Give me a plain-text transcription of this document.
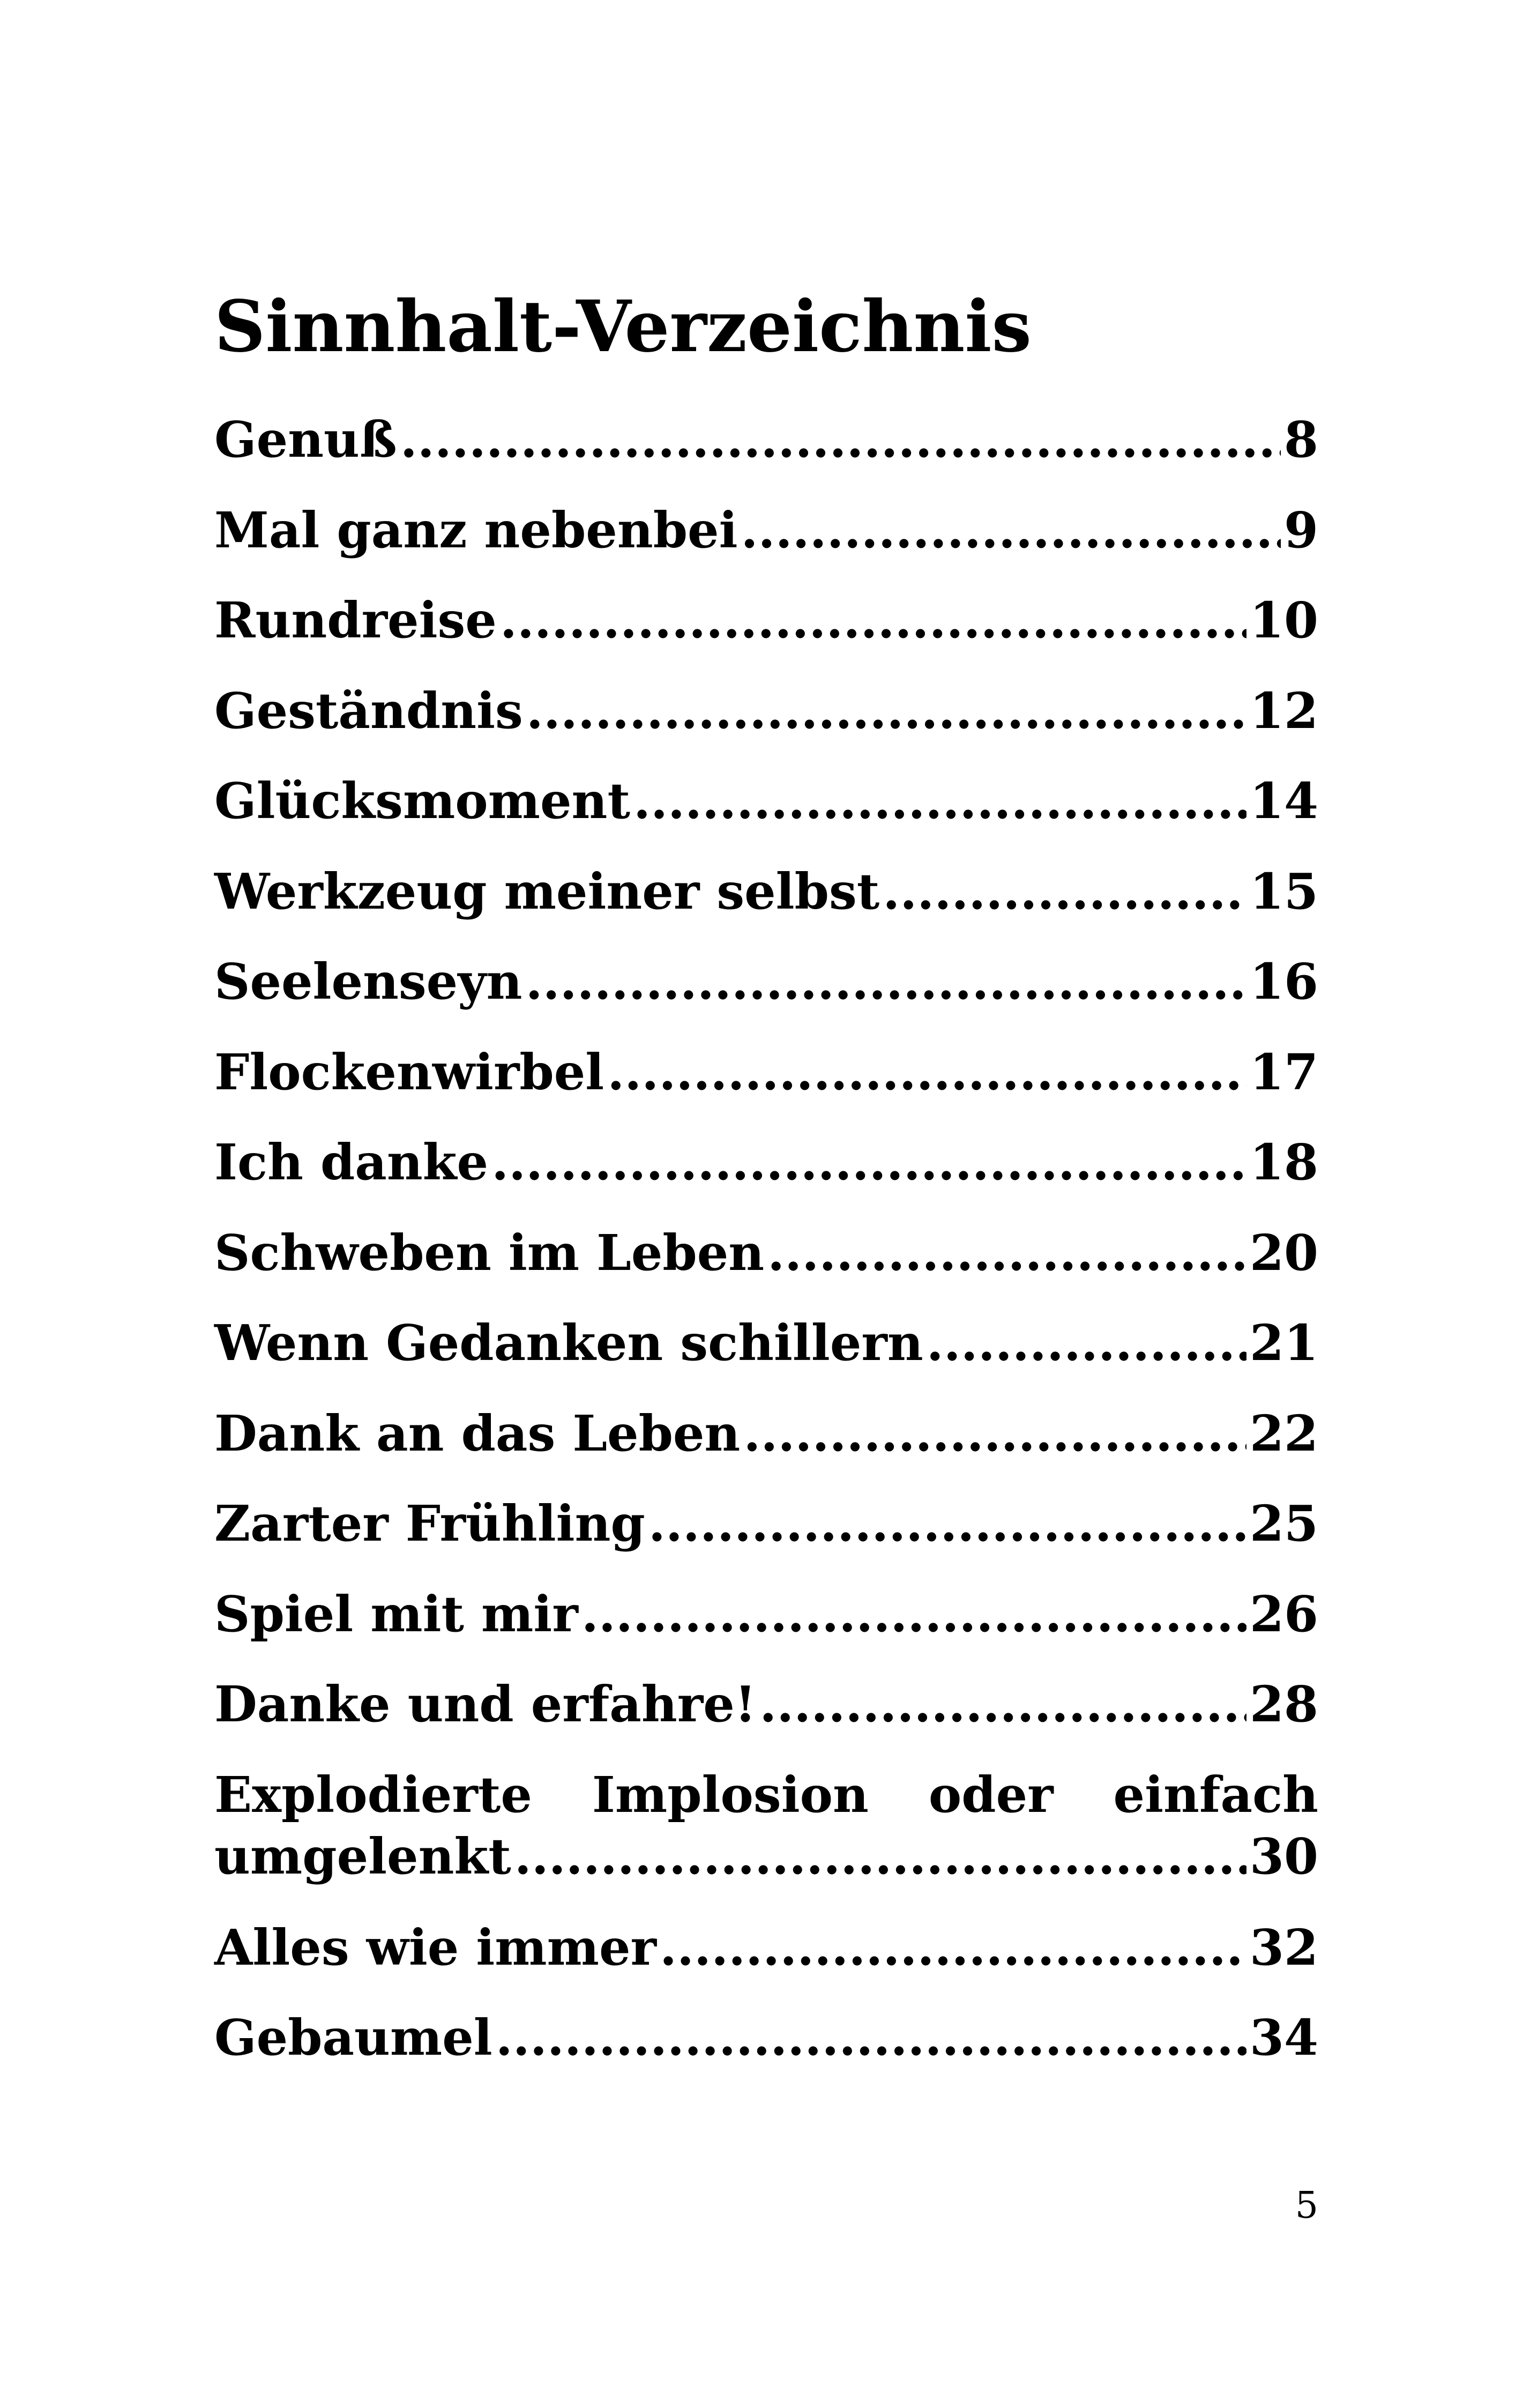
Sinnhalt-Verzeichnis
Genuß .....	8
Mal ganz nebenbei .....	9
Rundreise .....	10
Geständnis .....	12
Glücksmoment .....	14
Werkzeug meiner selbst .....	15
Seelenseyn .....	16
Flockenwirbel .....	17
Ich danke .....	18
Schweben im Leben .....	20
Wenn Gedanken schillern .....	21
Dank an das Leben .....	22
Zarter Frühling .....	25
Spiel mit mir .....	26
Danke und erfahre! .....	28
Explodierte Implosion oder einfach
umgelenkt .....	30
Alles wie immer .....	32
Gebaumel .....	34
5
